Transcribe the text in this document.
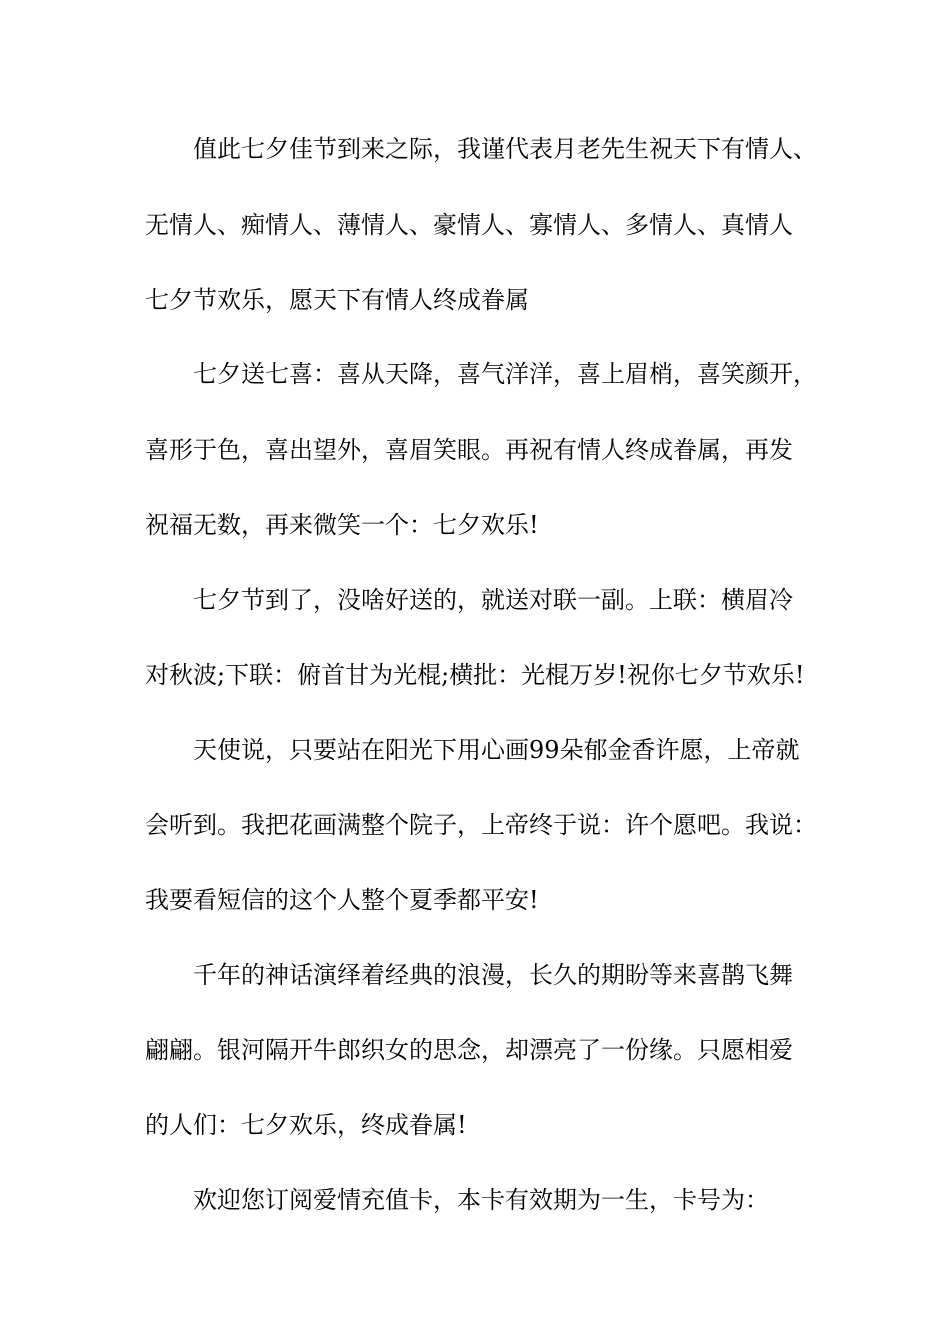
值此七夕佳节到来之际，我谨代表月老先生祝天下有情人、

无情人、痴情人、薄情人、豪情人、寡情人、多情人、真情人

七夕节欢乐，愿天下有情人终成眷属

七夕送七喜：喜从天降，喜气洋洋，喜上眉梢，喜笑颜开，

喜形于色，喜出望外，喜眉笑眼。再祝有情人终成眷属，再发

祝福无数，再来微笑一个：七夕欢乐!

七夕节到了，没啥好送的，就送对联一副。上联：横眉冷

对秋波;下联：俯首甘为光棍;横批：光棍万岁!祝你七夕节欢乐!

天使说，只要站在阳光下用心画99朵郁金香许愿，上帝就

会听到。我把花画满整个院子，上帝终于说：许个愿吧。我说：

我要看短信的这个人整个夏季都平安!

千年的神话演绎着经典的浪漫，长久的期盼等来喜鹊飞舞

翩翩。银河隔开牛郎织女的思念，却漂亮了一份缘。只愿相爱

的人们：七夕欢乐，终成眷属!

欢迎您订阅爱情充值卡，本卡有效期为一生，卡号为：
